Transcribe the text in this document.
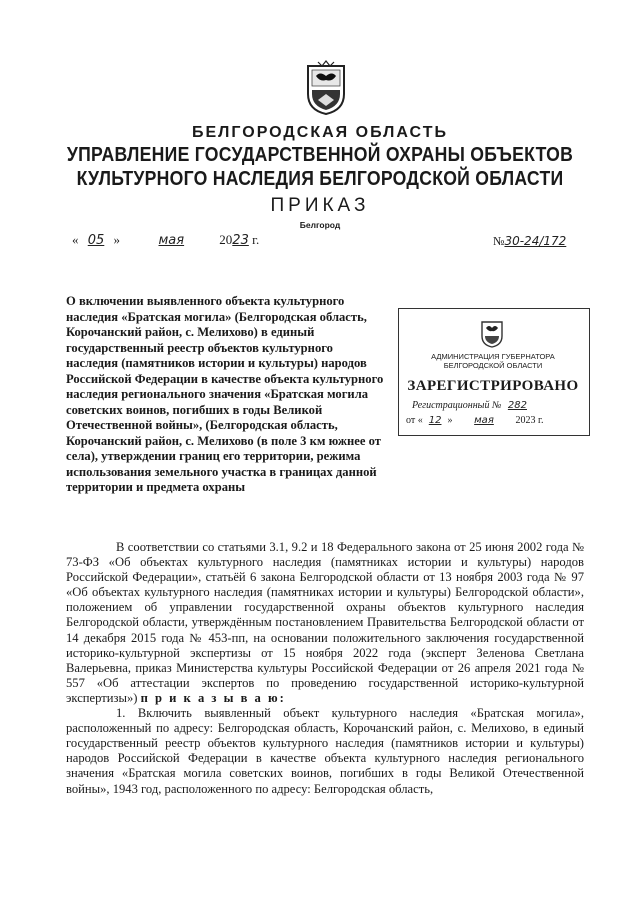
БЕЛГОРОДСКАЯ ОБЛАСТЬ
УПРАВЛЕНИЕ ГОСУДАРСТВЕННОЙ ОХРАНЫ ОБЪЕКТОВ
КУЛЬТУРНОГО НАСЛЕДИЯ БЕЛГОРОДСКОЙ ОБЛАСТИ
ПРИКАЗ
Белгород
« 05 »	мая	2023 г.	№30-24/172
О включении выявленного объекта культурного наследия «Братская могила» (Белгородская область, Корочанский район, с. Мелихово) в единый государственный реестр объектов культурного наследия (памятников истории и культуры) народов Российской Федерации в качестве объекта культурного наследия регионального значения «Братская могила советских воинов, погибших в годы Великой Отечественной войны», (Белгородская область, Корочанский район, с. Мелихово (в поле 3 км южнее от села), утверждении границ его территории, режима использования земельного участка в границах данной территории и предмета охраны
АДМИНИСТРАЦИЯ ГУБЕРНАТОРА
БЕЛГОРОДСКОЙ ОБЛАСТИ
ЗАРЕГИСТРИРОВАНО
Регистрационный № 282
от « 12 » мая 2023 г.

В соответствии со статьями 3.1, 9.2 и 18 Федерального закона от 25 июня 2002 года № 73-ФЗ «Об объектах культурного наследия (памятниках истории и культуры) народов Российской Федерации», статьёй 6 закона Белгородской области от 13 ноября 2003 года № 97 «Об объектах культурного наследия (памятниках истории и культуры) Белгородской области», положением об управлении государственной охраны объектов культурного наследия Белгородской области, утверждённым постановлением Правительства Белгородской области от 14 декабря 2015 года № 453-пп, на основании положительного заключения государственной историко-культурной экспертизы от 15 ноября 2022 года (эксперт Зеленова Светлана Валерьевна, приказ Министерства культуры Российской Федерации от 26 апреля 2021 года № 557 «Об аттестации экспертов по проведению государственной историко-культурной экспертизы») п р и к а з ы в а ю:

1. Включить выявленный объект культурного наследия «Братская могила», расположенный по адресу: Белгородская область, Корочанский район, с. Мелихово, в единый государственный реестр объектов культурного наследия (памятников истории и культуры) народов Российской Федерации в качестве объекта культурного наследия регионального значения «Братская могила советских воинов, погибших в годы Великой Отечественной войны», 1943 год, расположенного по адресу: Белгородская область,
